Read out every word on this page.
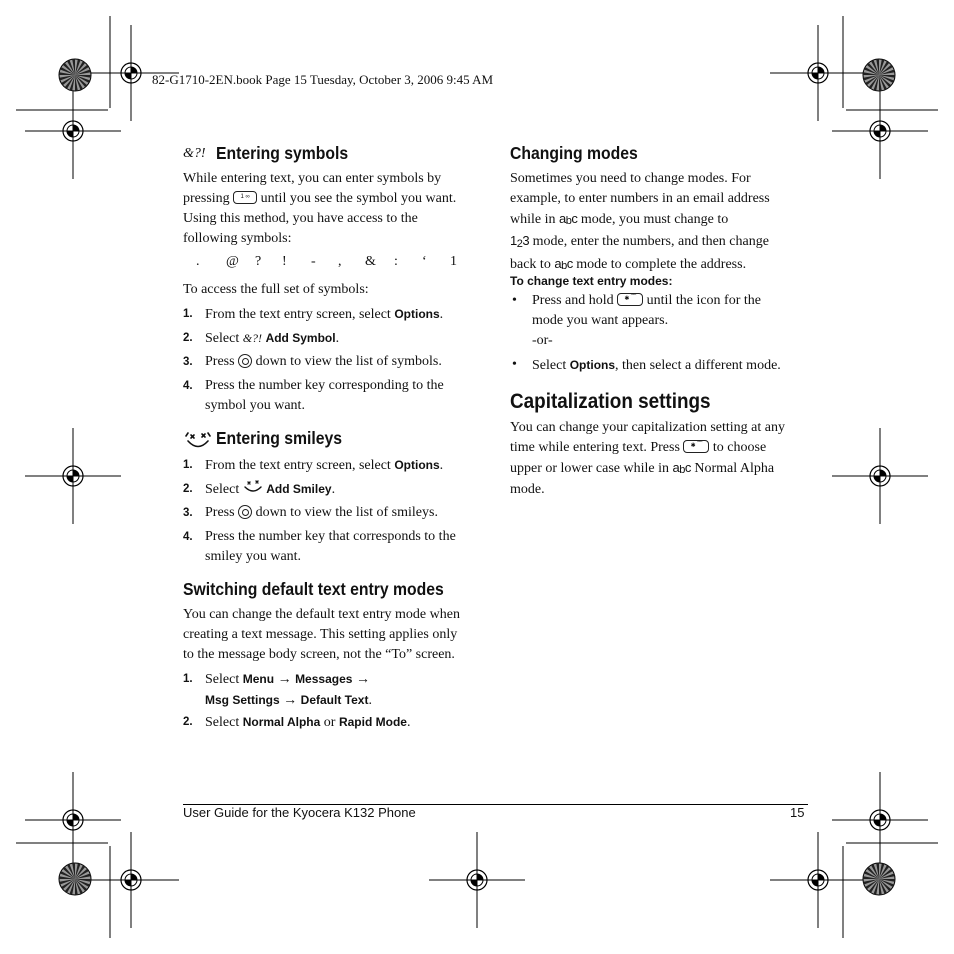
82-G1710-2EN.book Page 15 Tuesday, October 3, 2006 9:45 AM
&?! Entering symbols
While entering text, you can enter symbols by
pressing 1 ∞ until you see the symbol you want.
Using this method, you have access to the
following symbols:
. @ ? ! - , & : ‘ 1
To access the full set of symbols:
1. From the text entry screen, select Options.
2. Select &?! Add Symbol.
3. Press down to view the list of symbols.
4. Press the number key corresponding to the
symbol you want.
Entering smileys
1. From the text entry screen, select Options.
2. Select Add Smiley.
3. Press down to view the list of smileys.
4. Press the number key that corresponds to the
smiley you want.
Switching default text entry modes
You can change the default text entry mode when
creating a text message. This setting applies only
to the message body screen, not the “To” screen.
1. Select Menu → Messages →
Msg Settings → Default Text.
2. Select Normal Alpha or Rapid Mode.
Changing modes
Sometimes you need to change modes. For
example, to enter numbers in an email address
while in $a_bc$ mode, you must change to
$1_23$ mode, enter the numbers, and then change
back to $a_bc$ mode to complete the address.
To change text entry modes:
• Press and hold ✱ ⁀ until the icon for the
mode you want appears.
-or-
• Select Options, then select a different mode.
Capitalization settings
You can change your capitalization setting at any
time while entering text. Press ✱ ⁀ to choose
upper or lower case while in $a_bc$ Normal Alpha
mode.
User Guide for the Kyocera K132 Phone	15
